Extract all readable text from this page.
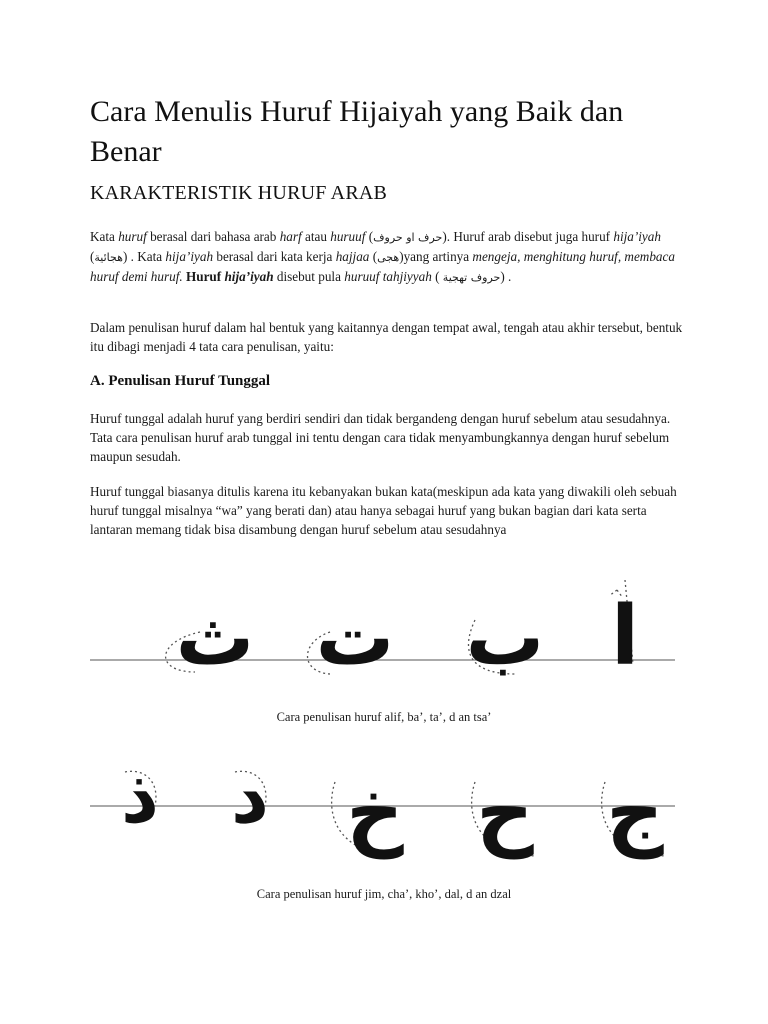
Cara Menulis Huruf Hijaiyah yang Baik dan Benar
KARAKTERISTIK HURUF ARAB

Kata huruf berasal dari bahasa arab harf atau huruuf (حرف او حروف). Huruf arab disebut juga huruf hija’iyah (هجائية) . Kata hija’iyah berasal dari kata kerja hajjaa (هجى)yang artinya mengeja, menghitung huruf, membaca huruf demi huruf. Huruf hija’iyah disebut pula huruuf tahjiyyah ( حروف تهجية) .

Dalam penulisan huruf dalam hal bentuk yang kaitannya dengan tempat awal, tengah atau akhir tersebut, bentuk itu dibagi menjadi 4 tata cara penulisan, yaitu:

A. Penulisan Huruf Tunggal

Huruf tunggal adalah huruf yang berdiri sendiri dan tidak bergandeng dengan huruf sebelum atau sesudahnya. Tata cara penulisan huruf arab tunggal ini tentu dengan cara tidak menyambungkannya dengan huruf sebelum maupun sesudah.

Huruf tunggal biasanya ditulis karena itu kebanyakan bukan kata(meskipun ada kata yang diwakili oleh sebuah huruf tunggal misalnya “wa” yang berati dan) atau hanya sebagai huruf yang bukan bagian dari kata serta lantaran memang tidak bisa disambung dengan huruf sebelum atau sesudahnya

ث ت ب ا

Cara penulisan huruf alif, ba’, ta’, d an tsa’

ذ د خ ح ج

Cara penulisan huruf jim, cha’, kho’, dal, d an dzal
